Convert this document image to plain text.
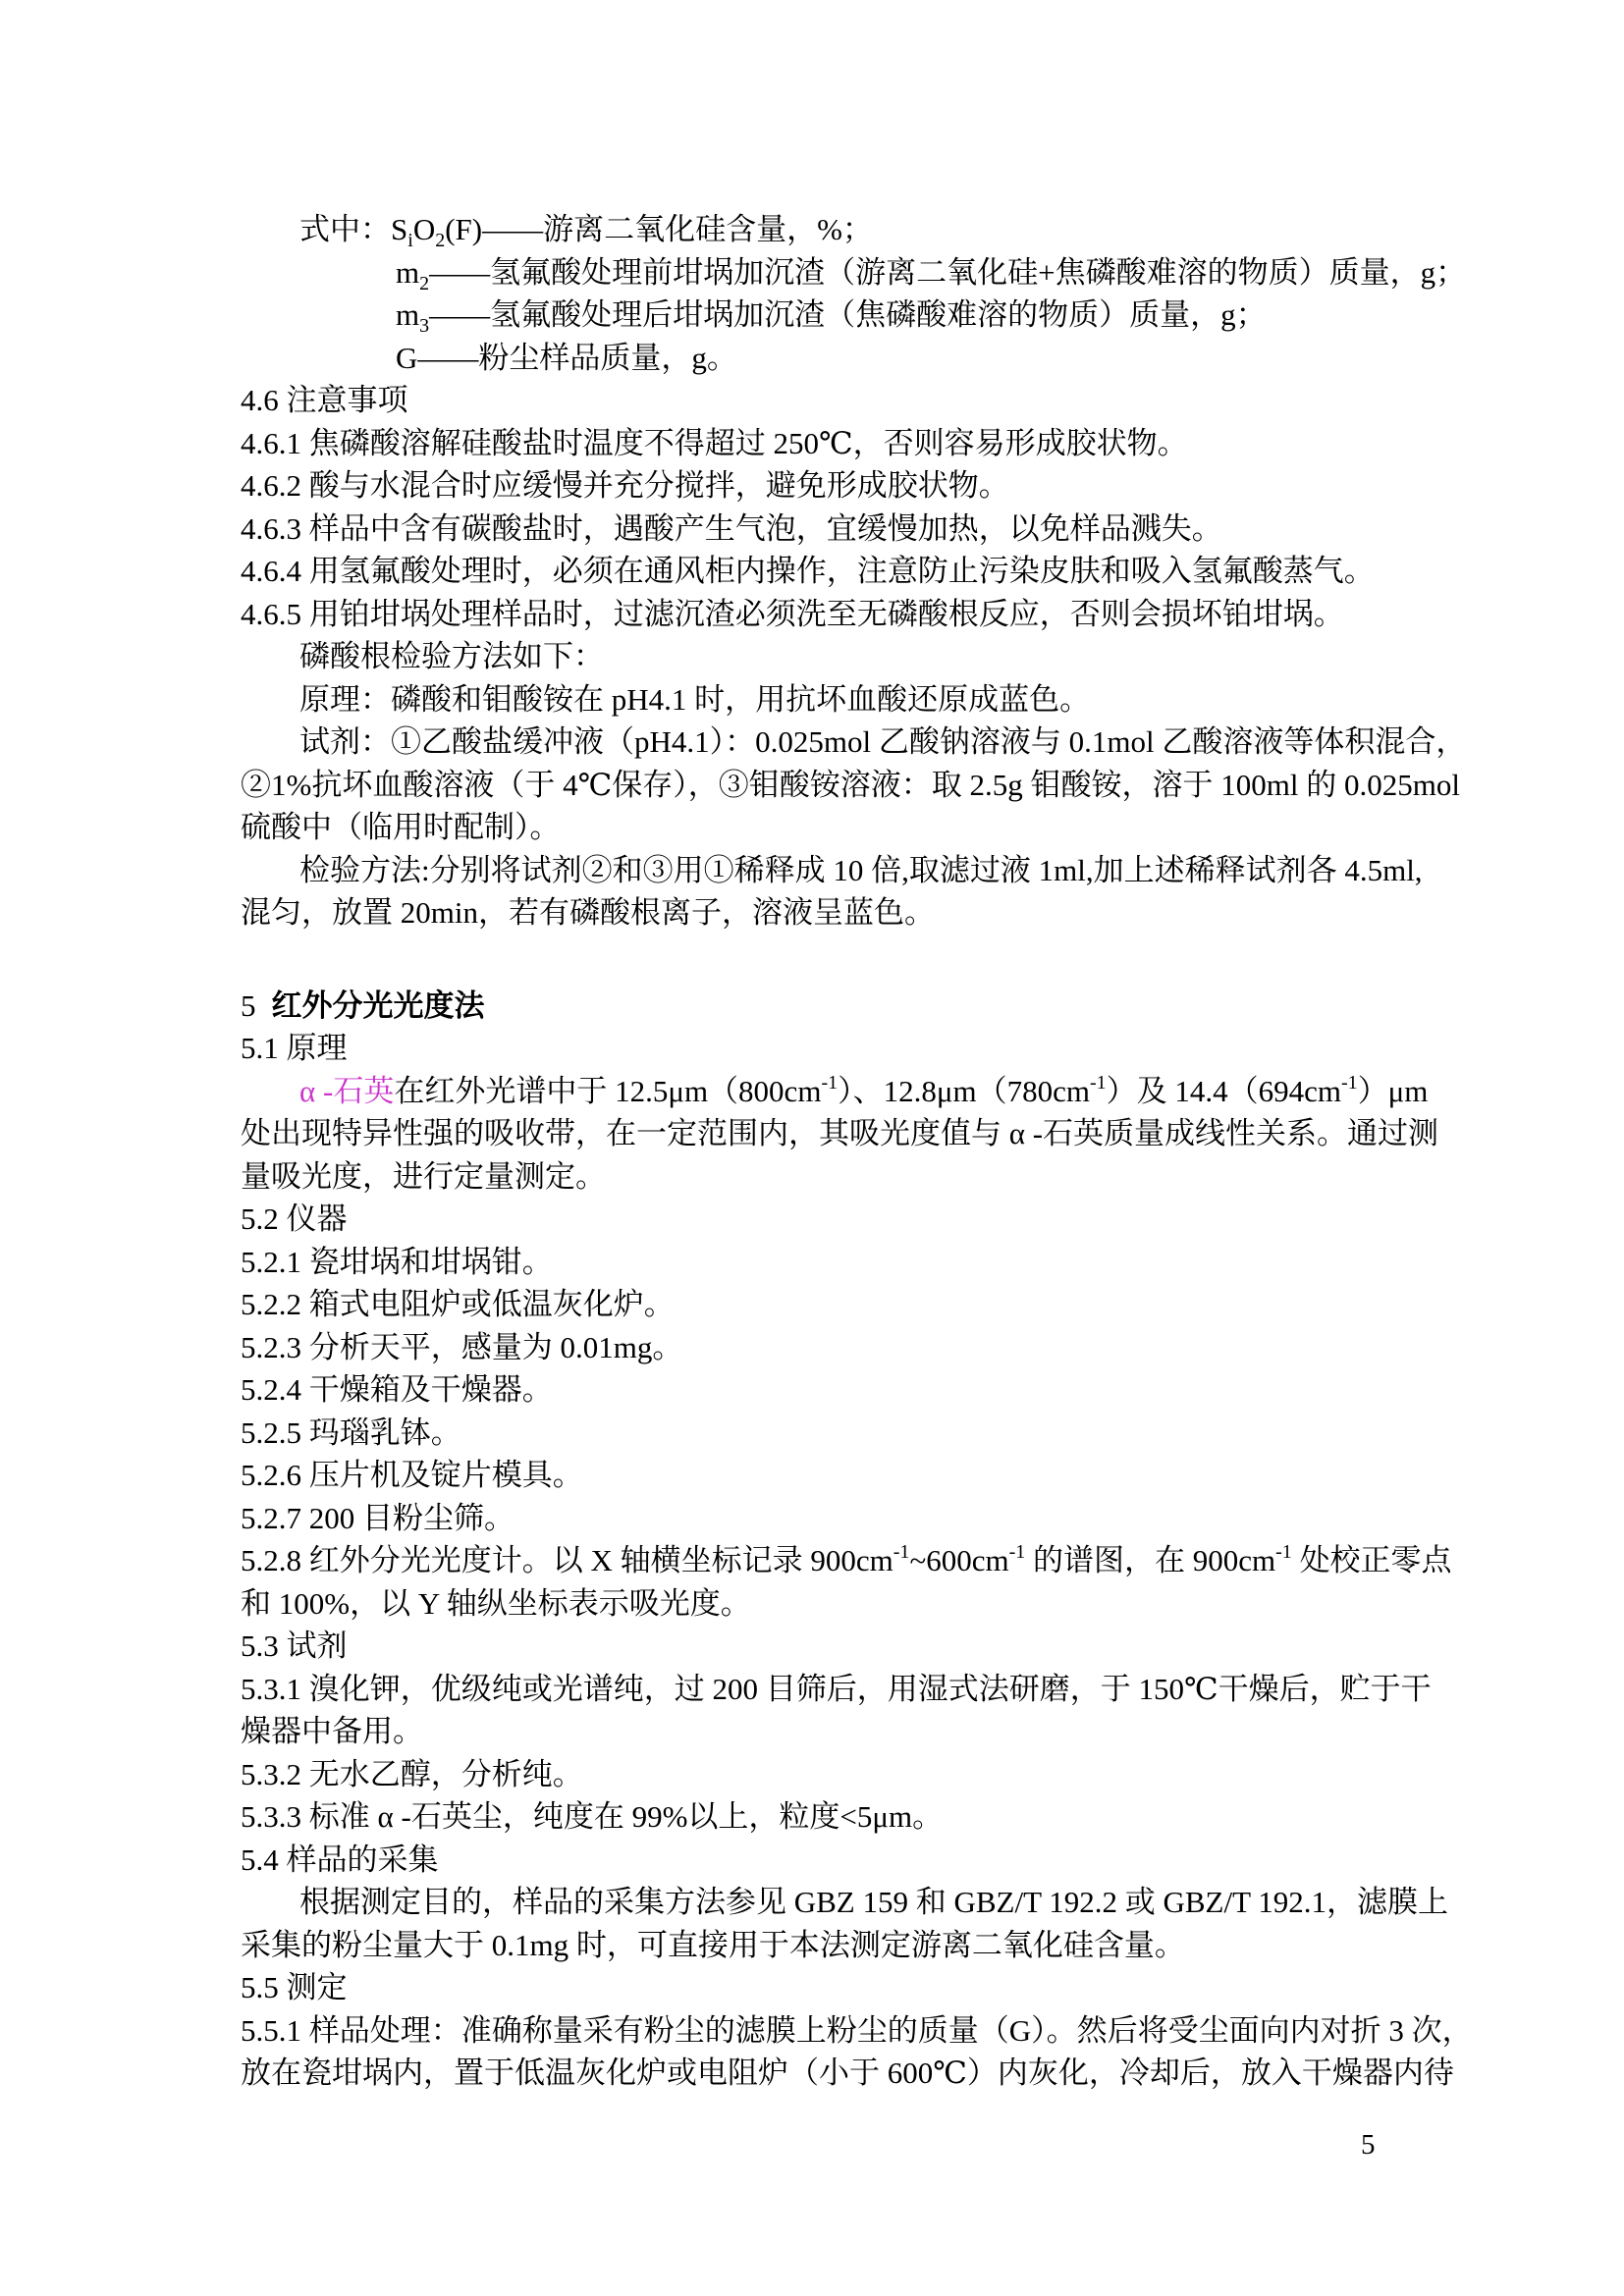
式中：$S_iO_2(F)——$游离二氧化硅含量，%；

$m_2——$氢氟酸处理前坩埚加沉渣（游离二氧化硅+焦磷酸难溶的物质）质量，g；

$m_3——$氢氟酸处理后坩埚加沉渣（焦磷酸难溶的物质）质量，g；

G——粉尘样品质量，g。

4.6 注意事项

4.6.1 焦磷酸溶解硅酸盐时温度不得超过 250℃，否则容易形成胶状物。

4.6.2 酸与水混合时应缓慢并充分搅拌，避免形成胶状物。

4.6.3 样品中含有碳酸盐时，遇酸产生气泡，宜缓慢加热，以免样品溅失。

4.6.4 用氢氟酸处理时，必须在通风柜内操作，注意防止污染皮肤和吸入氢氟酸蒸气。

4.6.5 用铂坩埚处理样品时，过滤沉渣必须洗至无磷酸根反应，否则会损坏铂坩埚。

磷酸根检验方法如下：

原理：磷酸和钼酸铵在 pH4.1 时，用抗坏血酸还原成蓝色。

试剂：①乙酸盐缓冲液（pH4.1）：0.025mol 乙酸钠溶液与 0.1mol 乙酸溶液等体积混合，

②1%抗坏血酸溶液（于 4℃保存），③钼酸铵溶液：取 2.5g 钼酸铵，溶于 100ml 的 0.025mol

硫酸中（临用时配制）。

检验方法:分别将试剂②和③用①稀释成 10 倍,取滤过液 1ml,加上述稀释试剂各 4.5ml,

混匀，放置 20min，若有磷酸根离子，溶液呈蓝色。

5 红外分光光度法

5.1 原理

α -石英在红外光谱中于 $12.5\mu m(800cm^{-1})$、$12.8\mu m(780cm^{-1})$及 $14.4(694cm^{-1})\mu m$

处出现特异性强的吸收带，在一定范围内，其吸光度值与 α -石英质量成线性关系。通过测

量吸光度，进行定量测定。

5.2 仪器

5.2.1 瓷坩埚和坩埚钳。

5.2.2 箱式电阻炉或低温灰化炉。

5.2.3 分析天平，感量为 0.01mg。

5.2.4 干燥箱及干燥器。

5.2.5 玛瑙乳钵。

5.2.6 压片机及锭片模具。

5.2.7 200 目粉尘筛。

5.2.8 红外分光光度计。以 X 轴横坐标记录 $900cm^{-1}\sim 600cm^{-1}$ 的谱图，在 $900cm^{-1}$ 处校正零点

和 100%，以 Y 轴纵坐标表示吸光度。

5.3 试剂

5.3.1 溴化钾，优级纯或光谱纯，过 200 目筛后，用湿式法研磨，于 150℃干燥后，贮于干

燥器中备用。

5.3.2 无水乙醇，分析纯。

5.3.3 标准 α -石英尘，纯度在 99%以上，粒度<5μm。

5.4 样品的采集

根据测定目的，样品的采集方法参见 GBZ 159 和 GBZ/T 192.2 或 GBZ/T 192.1，滤膜上

采集的粉尘量大于 0.1mg 时，可直接用于本法测定游离二氧化硅含量。

5.5 测定

5.5.1 样品处理：准确称量采有粉尘的滤膜上粉尘的质量（G）。然后将受尘面向内对折 3 次，

放在瓷坩埚内，置于低温灰化炉或电阻炉（小于 600℃）内灰化，冷却后，放入干燥器内待

5
